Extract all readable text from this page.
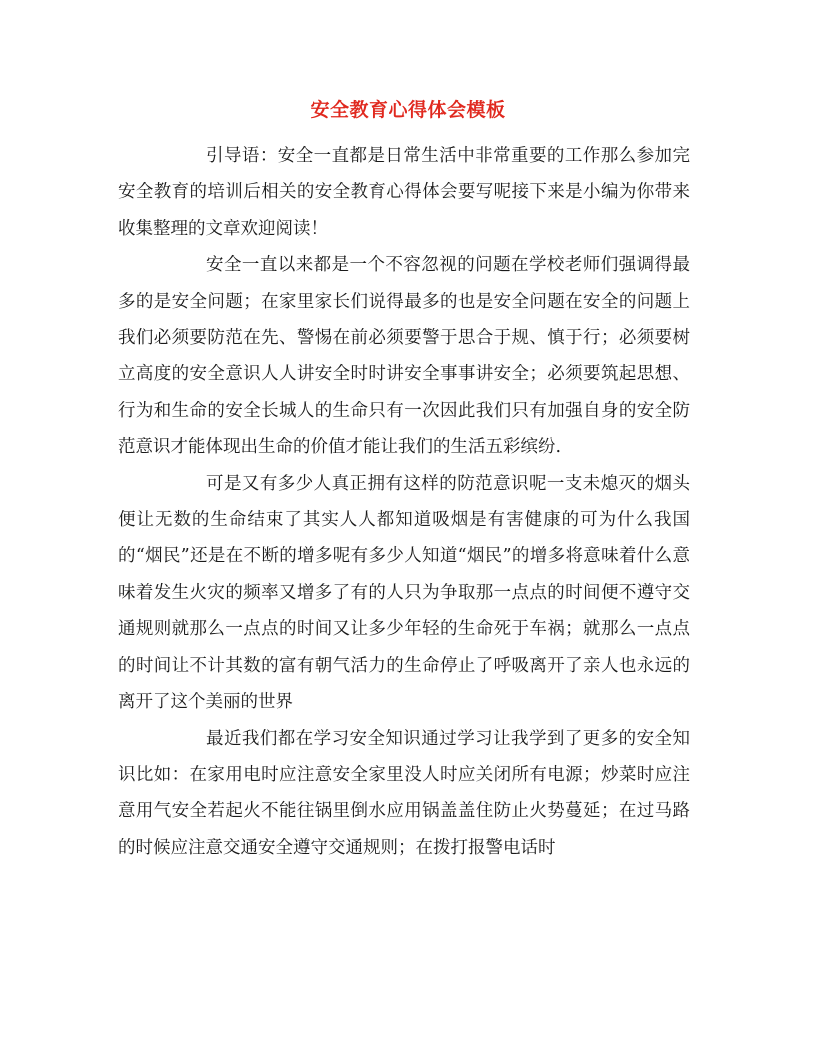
安全教育心得体会模板

引导语：安全一直都是日常生活中非常重要的工作那么参加完安全教育的培训后相关的安全教育心得体会要写呢接下来是小编为你带来收集整理的文章欢迎阅读！

安全一直以来都是一个不容忽视的问题在学校老师们强调得最多的是安全问题；在家里家长们说得最多的也是安全问题在安全的问题上我们必须要防范在先、警惕在前必须要警于思合于规、慎于行；必须要树立高度的安全意识人人讲安全时时讲安全事事讲安全；必须要筑起思想、行为和生命的安全长城人的生命只有一次因此我们只有加强自身的安全防范意识才能体现出生命的价值才能让我们的生活五彩缤纷.

可是又有多少人真正拥有这样的防范意识呢一支未熄灭的烟头便让无数的生命结束了其实人人都知道吸烟是有害健康的可为什么我国的“烟民”还是在不断的增多呢有多少人知道“烟民”的增多将意味着什么意味着发生火灾的频率又增多了有的人只为争取那一点点的时间便不遵守交通规则就那么一点点的时间又让多少年轻的生命死于车祸；就那么一点点的时间让不计其数的富有朝气活力的生命停止了呼吸离开了亲人也永远的离开了这个美丽的世界

最近我们都在学习安全知识通过学习让我学到了更多的安全知识比如：在家用电时应注意安全家里没人时应关闭所有电源；炒菜时应注意用气安全若起火不能往锅里倒水应用锅盖盖住防止火势蔓延；在过马路的时候应注意交通安全遵守交通规则；在拨打报警电话时
